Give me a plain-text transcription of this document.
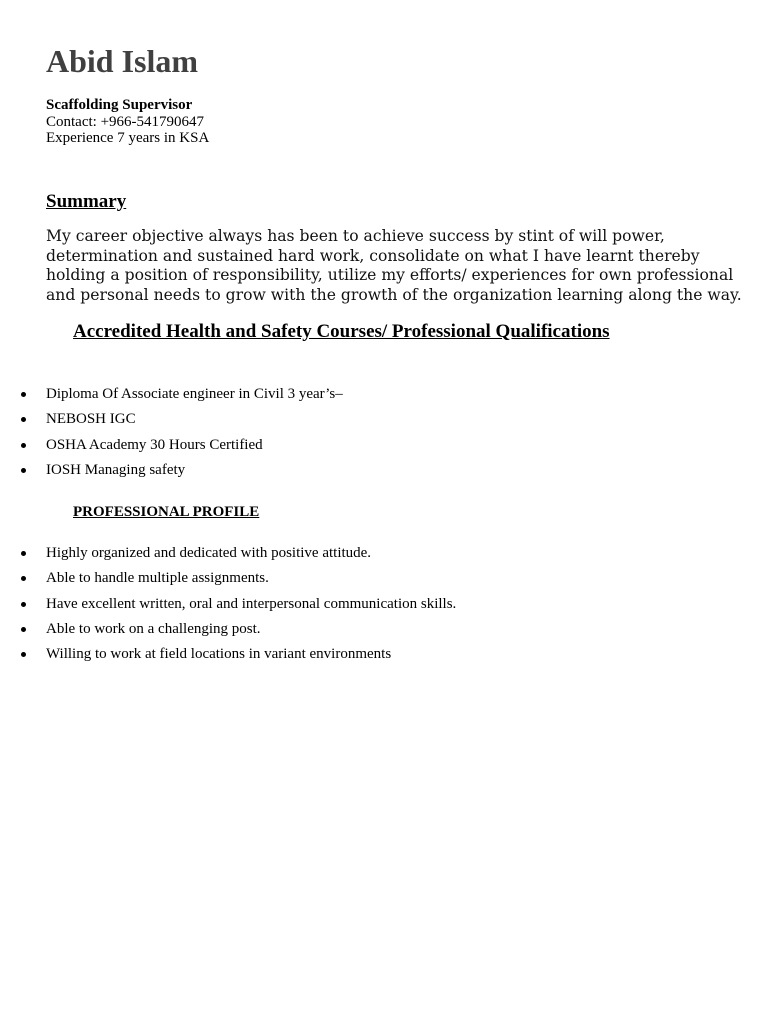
Abid Islam
Scaffolding Supervisor
Contact: +966-541790647
Experience 7 years in KSA
Summary

My career objective always has been to achieve success by stint of will power, determination and sustained hard work, consolidate on what I have learnt thereby holding a position of responsibility, utilize my efforts/ experiences for own professional and personal needs to grow with the growth of the organization learning along the way.

Accredited Health and Safety Courses/ Professional Qualifications
Diploma Of Associate engineer in Civil 3 year’s–
NEBOSH IGC
OSHA Academy 30 Hours Certified
IOSH Managing safety
PROFESSIONAL PROFILE
Highly organized and dedicated with positive attitude.
Able to handle multiple assignments.
Have excellent written, oral and interpersonal communication skills.
Able to work on a challenging post.
Willing to work at field locations in variant environments
